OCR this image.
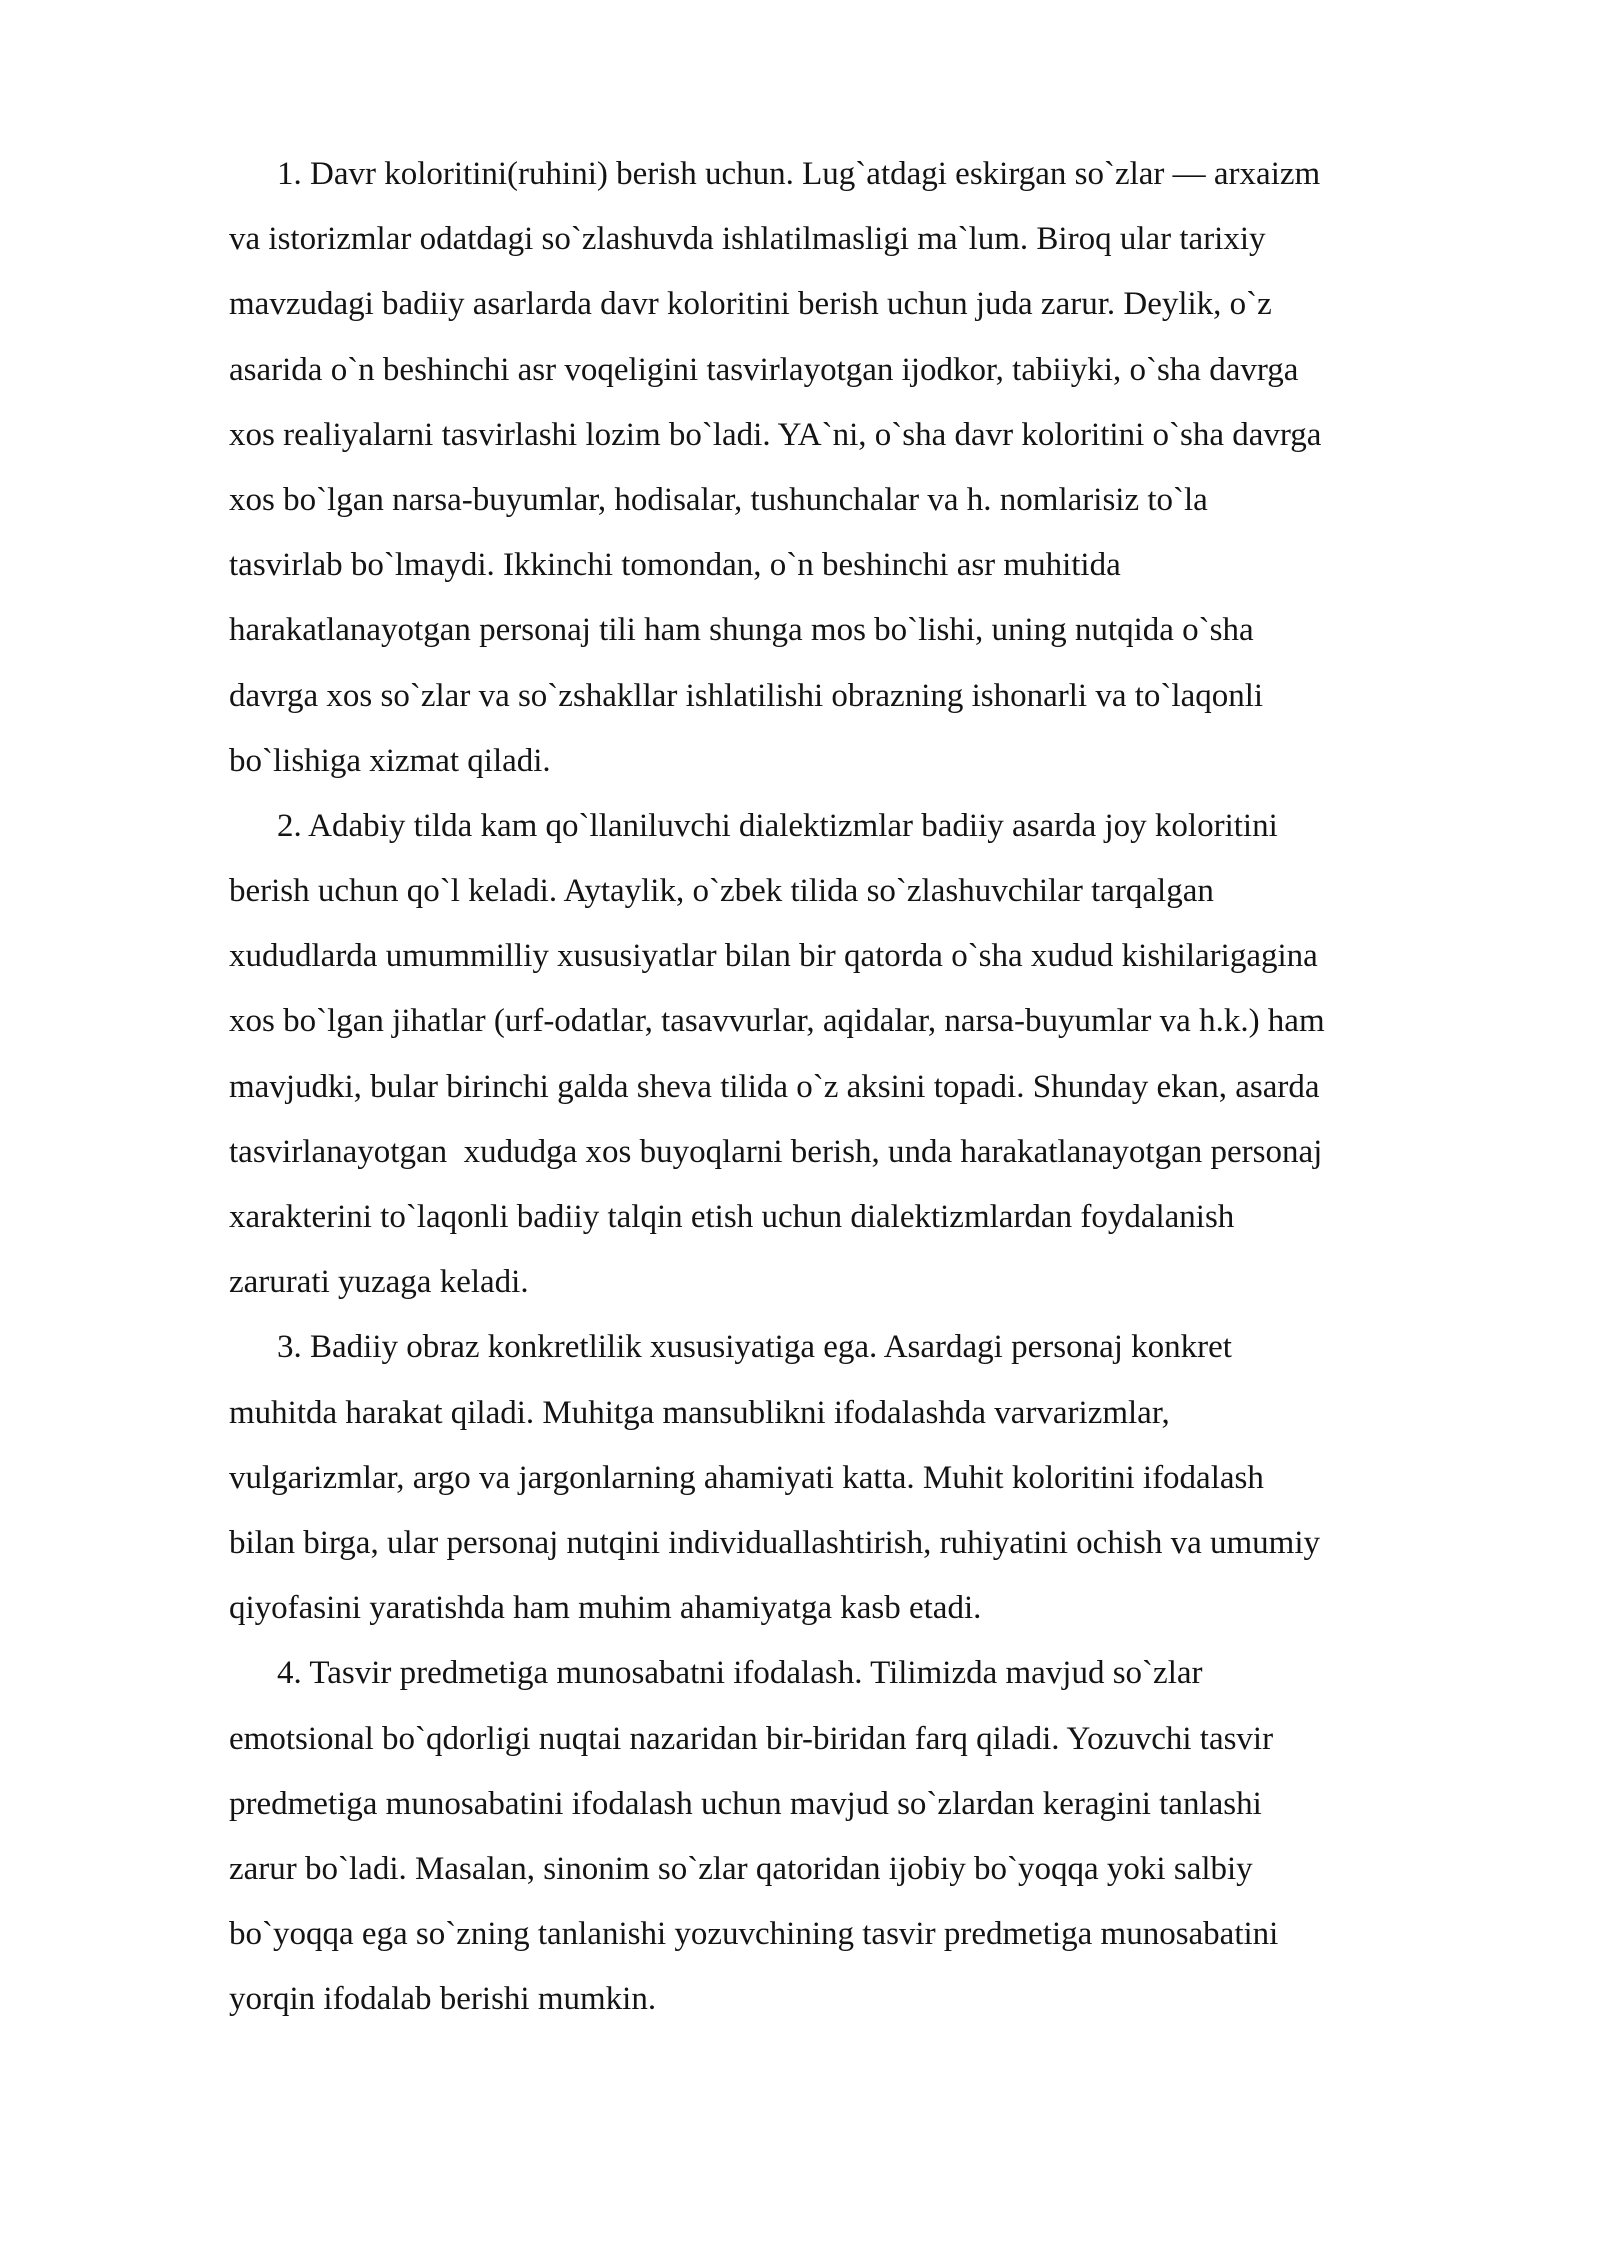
1. Davr koloritini(ruhini) berish uchun. Lug`atdagi eskirgan so`zlar — arxaizm
va istorizmlar odatdagi so`zlashuvda ishlatilmasligi ma`lum. Biroq ular tarixiy
mavzudagi badiiy asarlarda davr koloritini berish uchun juda zarur. Deylik, o`z
asarida o`n beshinchi asr voqeligini tasvirlayotgan ijodkor, tabiiyki, o`sha davrga
xos realiyalarni tasvirlashi lozim bo`ladi. YA`ni, o`sha davr koloritini o`sha davrga
xos bo`lgan narsa-buyumlar, hodisalar, tushunchalar va h. nomlarisiz to`la
tasvirlab bo`lmaydi. Ikkinchi tomondan, o`n beshinchi asr muhitida
harakatlanayotgan personaj tili ham shunga mos bo`lishi, uning nutqida o`sha
davrga xos so`zlar va so`zshakllar ishlatilishi obrazning ishonarli va to`laqonli
bo`lishiga xizmat qiladi.
2. Adabiy tilda kam qo`llaniluvchi dialektizmlar badiiy asarda joy koloritini
berish uchun qo`l keladi. Aytaylik, o`zbek tilida so`zlashuvchilar tarqalgan
xududlarda umummilliy xususiyatlar bilan bir qatorda o`sha xudud kishilarigagina
xos bo`lgan jihatlar (urf-odatlar, tasavvurlar, aqidalar, narsa-buyumlar va h.k.) ham
mavjudki, bular birinchi galda sheva tilida o`z aksini topadi. Shunday ekan, asarda
tasvirlanayotgan  xududga xos buyoqlarni berish, unda harakatlanayotgan personaj
xarakterini to`laqonli badiiy talqin etish uchun dialektizmlardan foydalanish
zarurati yuzaga keladi.
3. Badiiy obraz konkretlilik xususiyatiga ega. Asardagi personaj konkret
muhitda harakat qiladi. Muhitga mansublikni ifodalashda varvarizmlar,
vulgarizmlar, argo va jargonlarning ahamiyati katta. Muhit koloritini ifodalash
bilan birga, ular personaj nutqini individuallashtirish, ruhiyatini ochish va umumiy
qiyofasini yaratishda ham muhim ahamiyatga kasb etadi.
4. Tasvir predmetiga munosabatni ifodalash. Tilimizda mavjud so`zlar
emotsional bo`qdorligi nuqtai nazaridan bir-biridan farq qiladi. Yozuvchi tasvir
predmetiga munosabatini ifodalash uchun mavjud so`zlardan keragini tanlashi
zarur bo`ladi. Masalan, sinonim so`zlar qatoridan ijobiy bo`yoqqa yoki salbiy
bo`yoqqa ega so`zning tanlanishi yozuvchining tasvir predmetiga munosabatini
yorqin ifodalab berishi mumkin.
